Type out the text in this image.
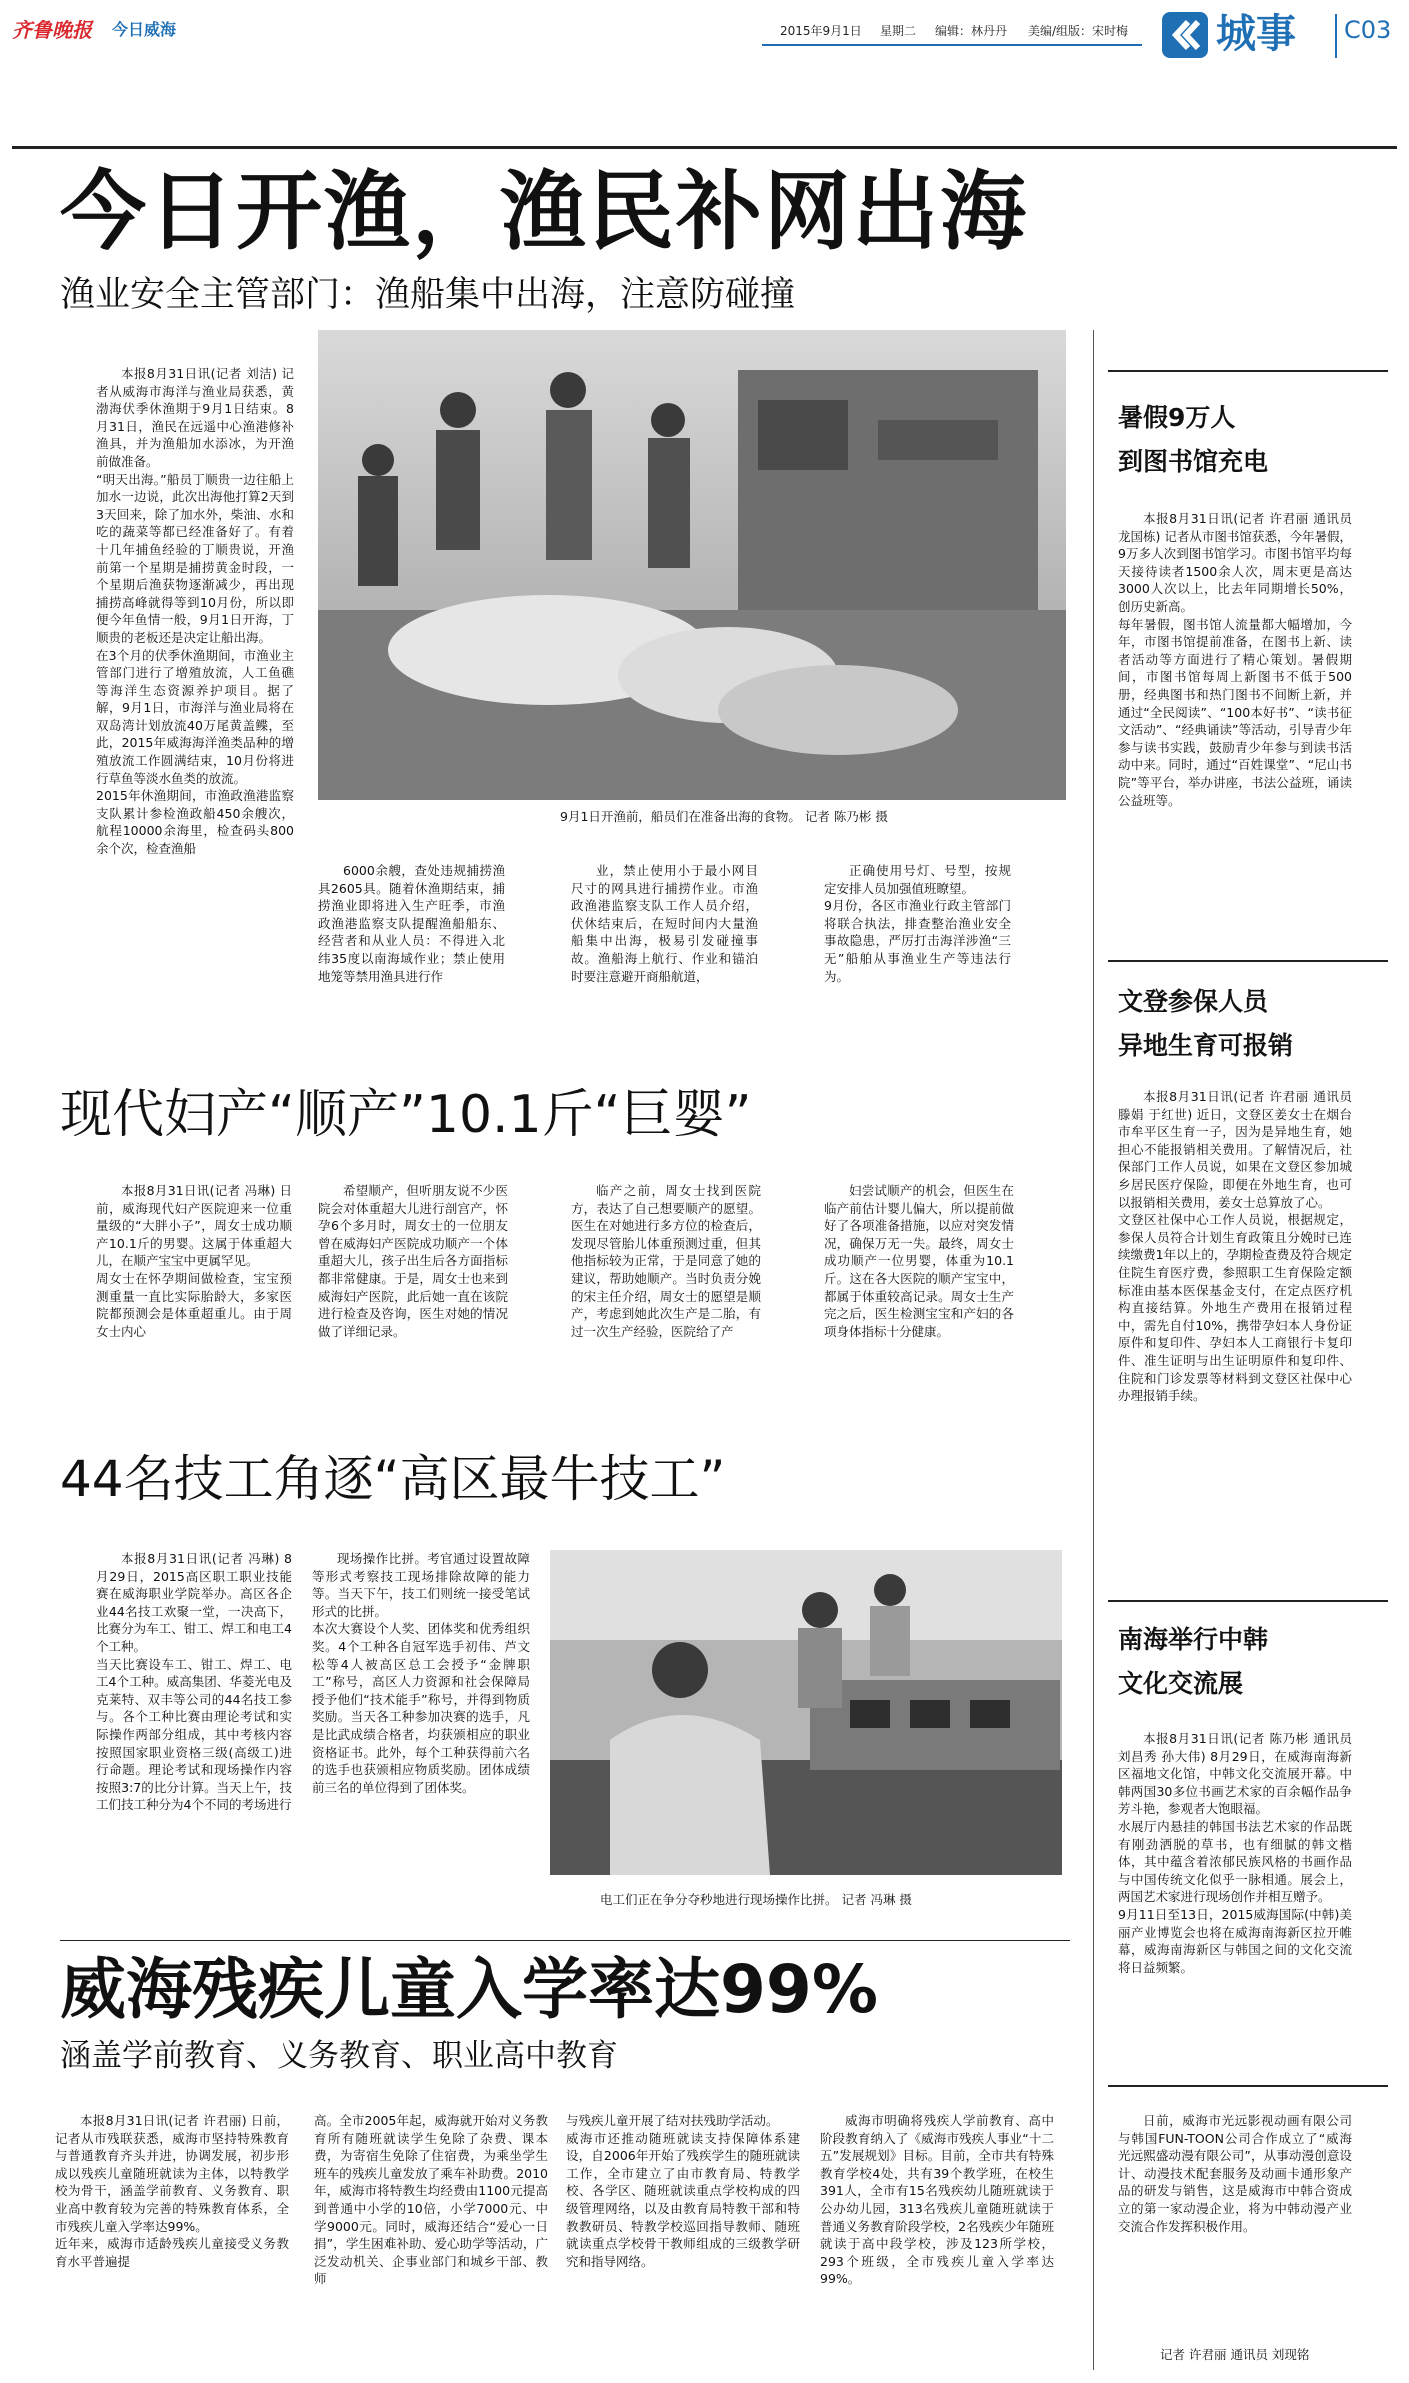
齐鲁晚报 今日威海	2015年9月1日 星期二 编辑：林丹丹 美编/组版：宋时梅 城事 C03
今日开渔，渔民补网出海
渔业安全主管部门：渔船集中出海，注意防碰撞

本报8月31日讯(记者 刘洁) 记者从威海市海洋与渔业局获悉，黄渤海伏季休渔期于9月1日结束。8月31日，渔民在远遥中心渔港修补渔具，并为渔船加水添冰，为开渔前做准备。
“明天出海。”船员丁顺贵一边往船上加水一边说，此次出海他打算2天到3天回来，除了加水外，柴油、水和吃的蔬菜等都已经准备好了。有着十几年捕鱼经验的丁顺贵说，开渔前第一个星期是捕捞黄金时段，一个星期后渔获物逐渐减少，再出现捕捞高峰就得等到10月份，所以即便今年鱼情一般，9月1日开海，丁顺贵的老板还是决定让船出海。
在3个月的伏季休渔期间，市渔业主管部门进行了增殖放流，人工鱼礁等海洋生态资源养护项目。据了解，9月1日，市海洋与渔业局将在双岛湾计划放流40万尾黄盖鲽，至此，2015年威海海洋渔类品种的增殖放流工作圆满结束，10月份将进行草鱼等淡水鱼类的放流。
2015年休渔期间，市渔政渔港监察支队累计参检渔政船450余艘次，航程10000余海里，检查码头800余个次，检查渔船

9月1日开渔前，船员们在准备出海的食物。 记者 陈乃彬 摄

6000余艘，查处违规捕捞渔具2605具。随着休渔期结束，捕捞渔业即将进入生产旺季，市渔政渔港监察支队提醒渔船船东、经营者和从业人员：不得进入北纬35度以南海域作业；禁止使用地笼等禁用渔具进行作

业，禁止使用小于最小网目尺寸的网具进行捕捞作业。市渔政渔港监察支队工作人员介绍，伏休结束后，在短时间内大量渔船集中出海，极易引发碰撞事故。渔船海上航行、作业和锚泊时要注意避开商船航道，

正确使用号灯、号型，按规定安排人员加强值班瞭望。
9月份，各区市渔业行政主管部门将联合执法，排查整治渔业安全事故隐患，严厉打击海洋涉渔“三无”船舶从事渔业生产等违法行为。

现代妇产“顺产”10.1斤“巨婴”

本报8月31日讯(记者 冯琳) 日前，威海现代妇产医院迎来一位重量级的“大胖小子”，周女士成功顺产10.1斤的男婴。这属于体重超大儿，在顺产宝宝中更属罕见。
周女士在怀孕期间做检查，宝宝预测重量一直比实际胎龄大，多家医院都预测会是体重超重儿。由于周女士内心

希望顺产，但听朋友说不少医院会对体重超大儿进行剖宫产，怀孕6个多月时，周女士的一位朋友曾在威海妇产医院成功顺产一个体重超大儿，孩子出生后各方面指标都非常健康。于是，周女士也来到威海妇产医院，此后她一直在该院进行检查及咨询，医生对她的情况做了详细记录。

临产之前，周女士找到医院方，表达了自己想要顺产的愿望。医生在对她进行多方位的检查后，发现尽管胎儿体重预测过重，但其他指标较为正常，于是同意了她的建议，帮助她顺产。当时负责分娩的宋主任介绍，周女士的愿望是顺产，考虑到她此次生产是二胎，有过一次生产经验，医院给了产

妇尝试顺产的机会，但医生在临产前估计婴儿偏大，所以提前做好了各项准备措施，以应对突发情况，确保万无一失。最终，周女士成功顺产一位男婴，体重为10.1斤。这在各大医院的顺产宝宝中，都属于体重较高记录。周女士生产完之后，医生检测宝宝和产妇的各项身体指标十分健康。

44名技工角逐“高区最牛技工”

本报8月31日讯(记者 冯琳) 8月29日，2015高区职工职业技能赛在威海职业学院举办。高区各企业44名技工欢聚一堂，一决高下，比赛分为车工、钳工、焊工和电工4个工种。
当天比赛设车工、钳工、焊工、电工4个工种。威高集团、华菱光电及克莱特、双丰等公司的44名技工参与。各个工种比赛由理论考试和实际操作两部分组成，其中考核内容按照国家职业资格三级(高级工)进行命题。理论考试和现场操作内容按照3:7的比分计算。当天上午，技工们技工种分为4个不同的考场进行

现场操作比拼。考官通过设置故障等形式考察技工现场排除故障的能力等。当天下午，技工们则统一接受笔试形式的比拼。
本次大赛设个人奖、团体奖和优秀组织奖。4个工种各自冠军选手初伟、芦文松等4人被高区总工会授予“金牌职工”称号，高区人力资源和社会保障局授予他们“技术能手”称号，并得到物质奖励。当天各工种参加决赛的选手，凡是比武成绩合格者，均获颁相应的职业资格证书。此外，每个工种获得前六名的选手也获颁相应物质奖励。团体成绩前三名的单位得到了团体奖。

电工们正在争分夺秒地进行现场操作比拼。 记者 冯琳 摄
威海残疾儿童入学率达99%
涵盖学前教育、义务教育、职业高中教育

本报8月31日讯(记者 许君丽) 日前，记者从市残联获悉，威海市坚持特殊教育与普通教育齐头并进，协调发展，初步形成以残疾儿童随班就读为主体，以特教学校为骨干，涵盖学前教育、义务教育、职业高中教育较为完善的特殊教育体系，全市残疾儿童入学率达99%。
近年来，威海市适龄残疾儿童接受义务教育水平普遍提

高。全市2005年起，威海就开始对义务教育所有随班就读学生免除了杂费、课本费，为寄宿生免除了住宿费，为乘坐学生班车的残疾儿童发放了乘车补助费。2010年，威海市将特教生均经费由1100元提高到普通中小学的10倍，小学7000元、中学9000元。同时，威海还结合“爱心一日捐”，学生困难补助、爱心助学等活动，广泛发动机关、企事业部门和城乡干部、教师

与残疾儿童开展了结对扶残助学活动。
威海市还推动随班就读支持保障体系建设，自2006年开始了残疾学生的随班就读工作，全市建立了由市教育局、特教学校、各学区、随班就读重点学校构成的四级管理网络，以及由教育局特教干部和特教教研员、特教学校巡回指导教师、随班就读重点学校骨干教师组成的三级教学研究和指导网络。

威海市明确将残疾人学前教育、高中阶段教育纳入了《威海市残疾人事业“十二五”发展规划》目标。目前，全市共有特殊教育学校4处，共有39个教学班，在校生391人，全市有15名残疾幼儿随班就读于公办幼儿园，313名残疾儿童随班就读于普通义务教育阶段学校，2名残疾少年随班就读于高中段学校，涉及123所学校，293个班级，全市残疾儿童入学率达99%。

暑假9万人
到图书馆充电

本报8月31日讯(记者 许君丽 通讯员 龙国栋) 记者从市图书馆获悉，今年暑假，9万多人次到图书馆学习。市图书馆平均每天接待读者1500余人次，周末更是高达3000人次以上，比去年同期增长50%，创历史新高。
每年暑假，图书馆人流量都大幅增加，今年，市图书馆提前准备，在图书上新、读者活动等方面进行了精心策划。暑假期间，市图书馆每周上新图书不低于500册，经典图书和热门图书不间断上新，并通过“全民阅读”、“100本好书”、“读书征文活动”、“经典诵读”等活动，引导青少年参与读书实践，鼓励青少年参与到读书活动中来。同时，通过“百姓课堂”、“尼山书院”等平台，举办讲座，书法公益班，诵读公益班等。

文登参保人员
异地生育可报销

本报8月31日讯(记者 许君丽 通讯员 滕娟 于红世) 近日，文登区姜女士在烟台市牟平区生育一子，因为是异地生育，她担心不能报销相关费用。了解情况后，社保部门工作人员说，如果在文登区参加城乡居民医疗保险，即便在外地生育，也可以报销相关费用，姜女士总算放了心。
文登区社保中心工作人员说，根据规定，参保人员符合计划生育政策且分娩时已连续缴费1年以上的，孕期检查费及符合规定住院生育医疗费，参照职工生育保险定额标准由基本医保基金支付，在定点医疗机构直接结算。外地生产费用在报销过程中，需先自付10%，携带孕妇本人身份证原件和复印件、孕妇本人工商银行卡复印件、准生证明与出生证明原件和复印件、住院和门诊发票等材料到文登区社保中心办理报销手续。

南海举行中韩
文化交流展

本报8月31日讯(记者 陈乃彬 通讯员 刘昌秀 孙大伟) 8月29日，在威海南海新区福地文化馆，中韩文化交流展开幕。中韩两国30多位书画艺术家的百余幅作品争芳斗艳，参观者大饱眼福。
水展厅内悬挂的韩国书法艺术家的作品既有刚劲洒脱的草书，也有细腻的韩文楷体，其中蕴含着浓郁民族风格的书画作品与中国传统文化似乎一脉相通。展会上，两国艺术家进行现场创作并相互赠予。
9月11日至13日，2015威海国际(中韩)美丽产业博览会也将在威海南海新区拉开帷幕，威海南海新区与韩国之间的文化交流将日益频繁。

日前，威海市光远影视动画有限公司与韩国FUN-TOON公司合作成立了“威海光远熙盛动漫有限公司”，从事动漫创意设计、动漫技术配套服务及动画卡通形象产品的研发与销售，这是威海市中韩合资成立的第一家动漫企业，将为中韩动漫产业交流合作发挥积极作用。

记者 许君丽 通讯员 刘现铭
